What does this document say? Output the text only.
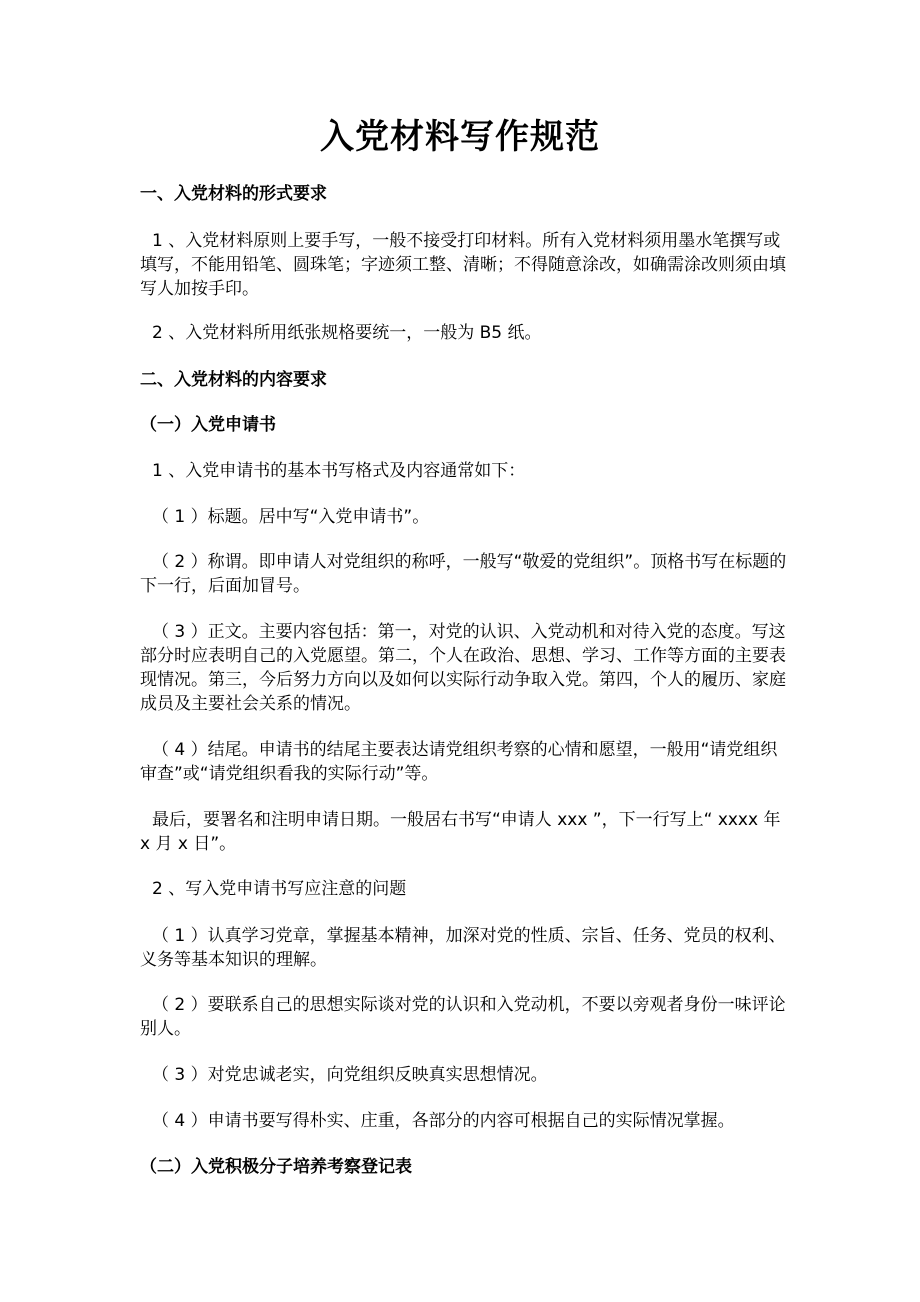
入党材料写作规范

一、入党材料的形式要求

1 、入党材料原则上要手写，一般不接受打印材料。所有入党材料须用墨水笔撰写或填写，不能用铅笔、圆珠笔；字迹须工整、清晰；不得随意涂改，如确需涂改则须由填写人加按手印。

2 、入党材料所用纸张规格要统一，一般为 B5 纸。

二、入党材料的内容要求

（一）入党申请书

1 、入党申请书的基本书写格式及内容通常如下：

（ 1 ）标题。居中写“入党申请书”。

（ 2 ）称谓。即申请人对党组织的称呼，一般写“敬爱的党组织”。顶格书写在标题的下一行，后面加冒号。

（ 3 ）正文。主要内容包括：第一，对党的认识、入党动机和对待入党的态度。写这部分时应表明自己的入党愿望。第二，个人在政治、思想、学习、工作等方面的主要表现情况。第三，今后努力方向以及如何以实际行动争取入党。第四，个人的履历、家庭成员及主要社会关系的情况。

（ 4 ）结尾。申请书的结尾主要表达请党组织考察的心情和愿望，一般用“请党组织审查”或“请党组织看我的实际行动”等。

最后，要署名和注明申请日期。一般居右书写“申请人 xxx ”，下一行写上“ xxxx 年 x 月 x 日”。

2 、写入党申请书写应注意的问题

（ 1 ）认真学习党章，掌握基本精神，加深对党的性质、宗旨、任务、党员的权利、义务等基本知识的理解。

（ 2 ）要联系自己的思想实际谈对党的认识和入党动机，不要以旁观者身份一味评论别人。

（ 3 ）对党忠诚老实，向党组织反映真实思想情况。

（ 4 ）申请书要写得朴实、庄重，各部分的内容可根据自己的实际情况掌握。

（二）入党积极分子培养考察登记表
